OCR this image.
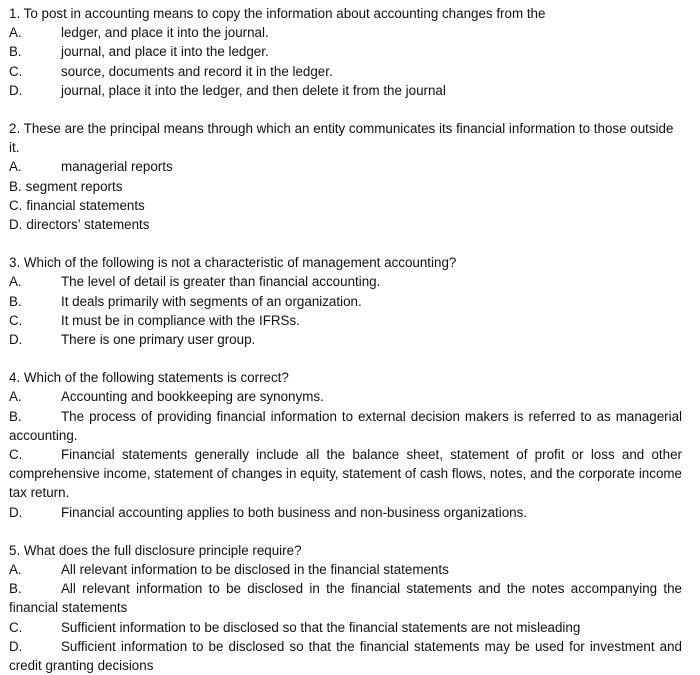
1. To post in accounting means to copy the information about accounting changes from the

A.	ledger, and place it into the journal.

B.	journal, and place it into the ledger.

C.	source, documents and record it in the ledger.

D.	journal, place it into the ledger, and then delete it from the journal

2. These are the principal means through which an entity communicates its financial information to those outside it.

A.	managerial reports

B. segment reports

C. financial statements

D. directors’ statements

3. Which of the following is not a characteristic of management accounting?

A.	The level of detail is greater than financial accounting.

B.	It deals primarily with segments of an organization.

C.	It must be in compliance with the IFRSs.

D.	There is one primary user group.

4. Which of the following statements is correct?

A.	Accounting and bookkeeping are synonyms.

B.	The process of providing financial information to external decision makers is referred to as managerial accounting.

C.	Financial statements generally include all the balance sheet, statement of profit or loss and other comprehensive income, statement of changes in equity, statement of cash flows, notes, and the corporate income tax return.

D.	Financial accounting applies to both business and non-business organizations.

5. What does the full disclosure principle require?

A.	All relevant information to be disclosed in the financial statements

B.	All relevant information to be disclosed in the financial statements and the notes accompanying the financial statements

C.	Sufficient information to be disclosed so that the financial statements are not misleading

D.	Sufficient information to be disclosed so that the financial statements may be used for investment and credit granting decisions
